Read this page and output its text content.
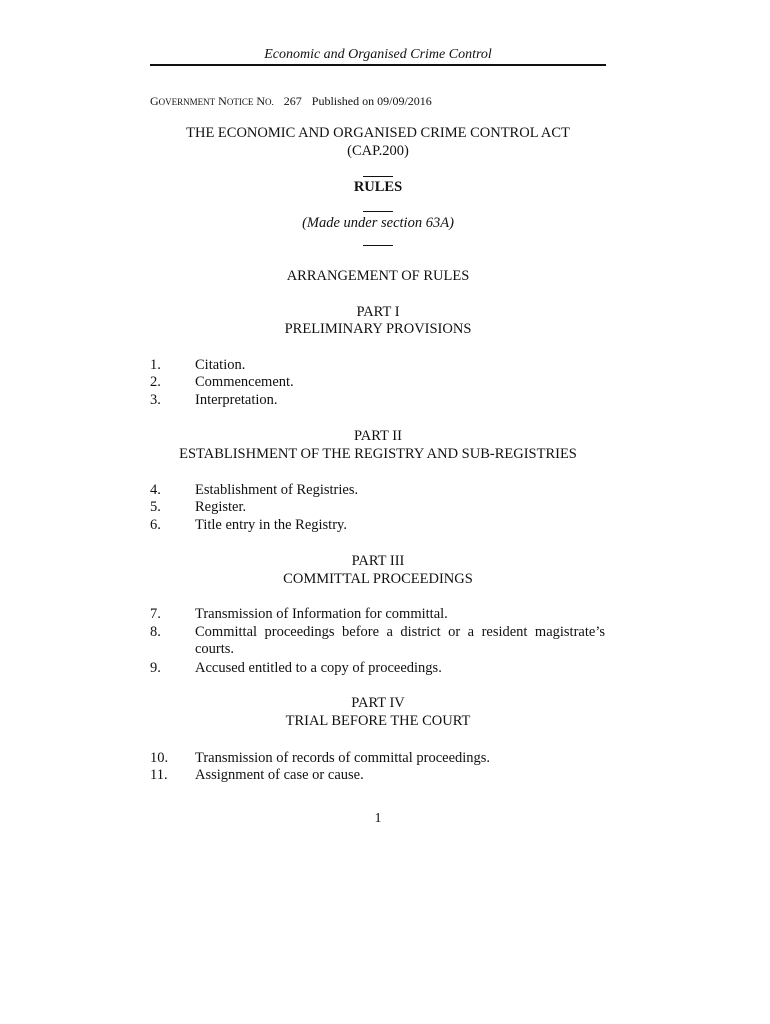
Economic and Organised Crime Control
GOVERNMENT NOTICE NO. 267 Published on 09/09/2016
THE ECONOMIC AND ORGANISED CRIME CONTROL ACT
(CAP.200)
RULES
(Made under section 63A)
ARRANGEMENT OF RULES
PART I
PRELIMINARY PROVISIONS
1. Citation.
2. Commencement.
3. Interpretation.
PART II
ESTABLISHMENT OF THE REGISTRY AND SUB-REGISTRIES
4. Establishment of Registries.
5. Register.
6. Title entry in the Registry.
PART III
COMMITTAL PROCEEDINGS
7. Transmission of Information for committal.
8. Committal proceedings before a district or a resident magistrate’s courts.
9. Accused entitled to a copy of proceedings.
PART IV
TRIAL BEFORE THE COURT
10. Transmission of records of committal proceedings.
11. Assignment of case or cause.
1
